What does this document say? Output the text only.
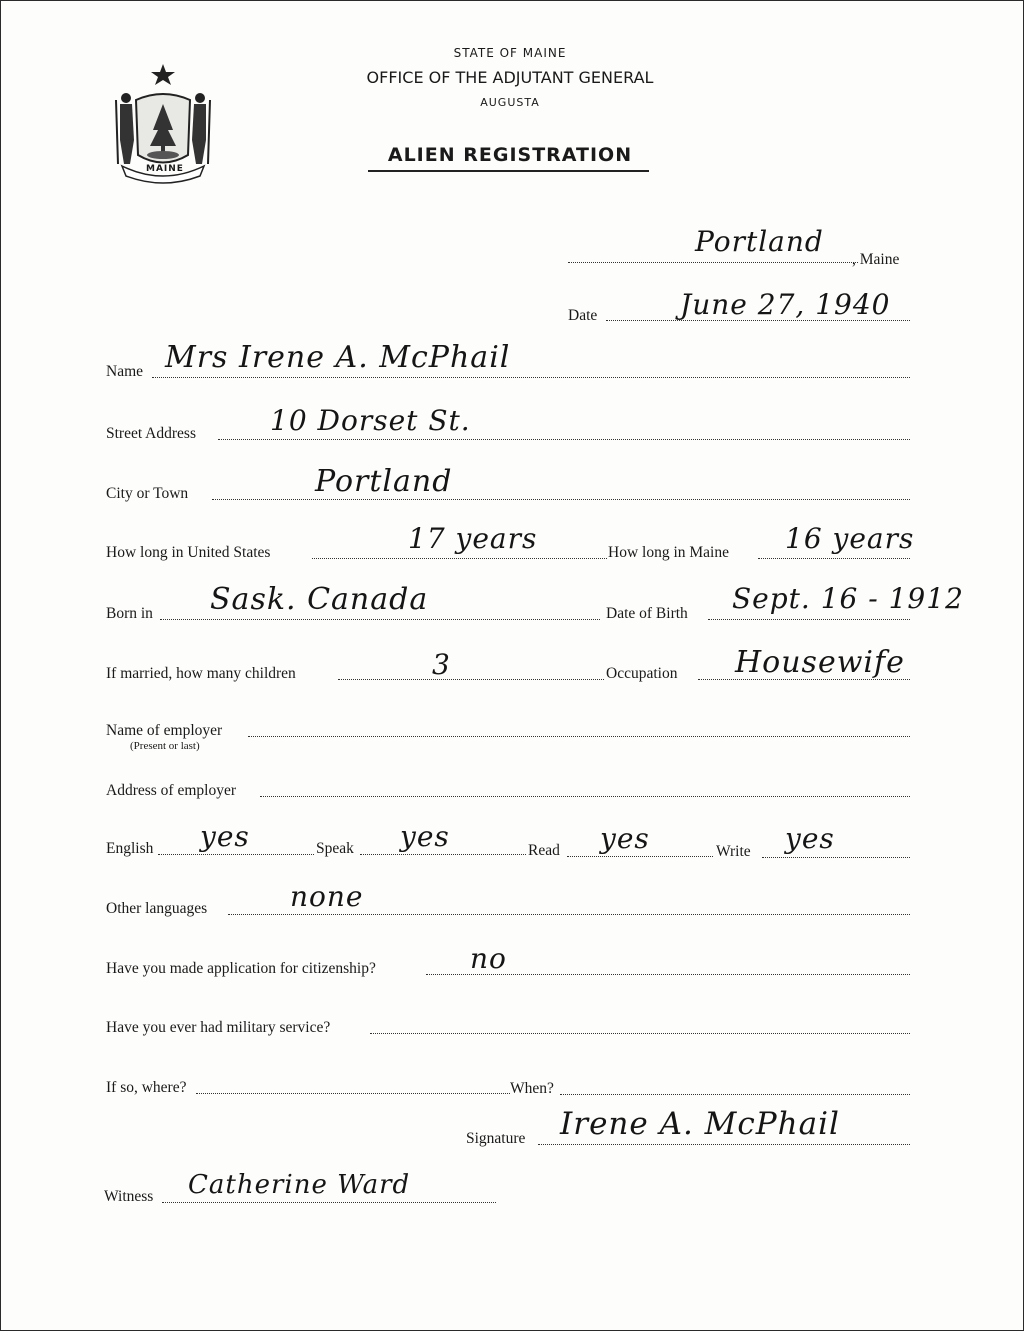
MAINE
STATE OF MAINE
OFFICE OF THE ADJUTANT GENERAL
AUGUSTA
ALIEN REGISTRATION
Portland
, Maine
Date	June 27, 1940
Name Mrs Irene A. McPhail
Street Address	10 Dorset St.
City or Town	Portland
How long in United States	17 years	How long in Maine 16 years
Born in Sask. Canada	Date of Birth Sept. 16 - 1912
If married, how many children	3	Occupation Housewife
Name of employer
(Present or last)
Address of employer
English yes	Speak yes	Read yes	Write yes
Other languages	none
Have you made application for citizenship?	no
Have you ever had military service?
If so, where?	When?
Signature Irene A. McPhail
Witness Catherine Ward
